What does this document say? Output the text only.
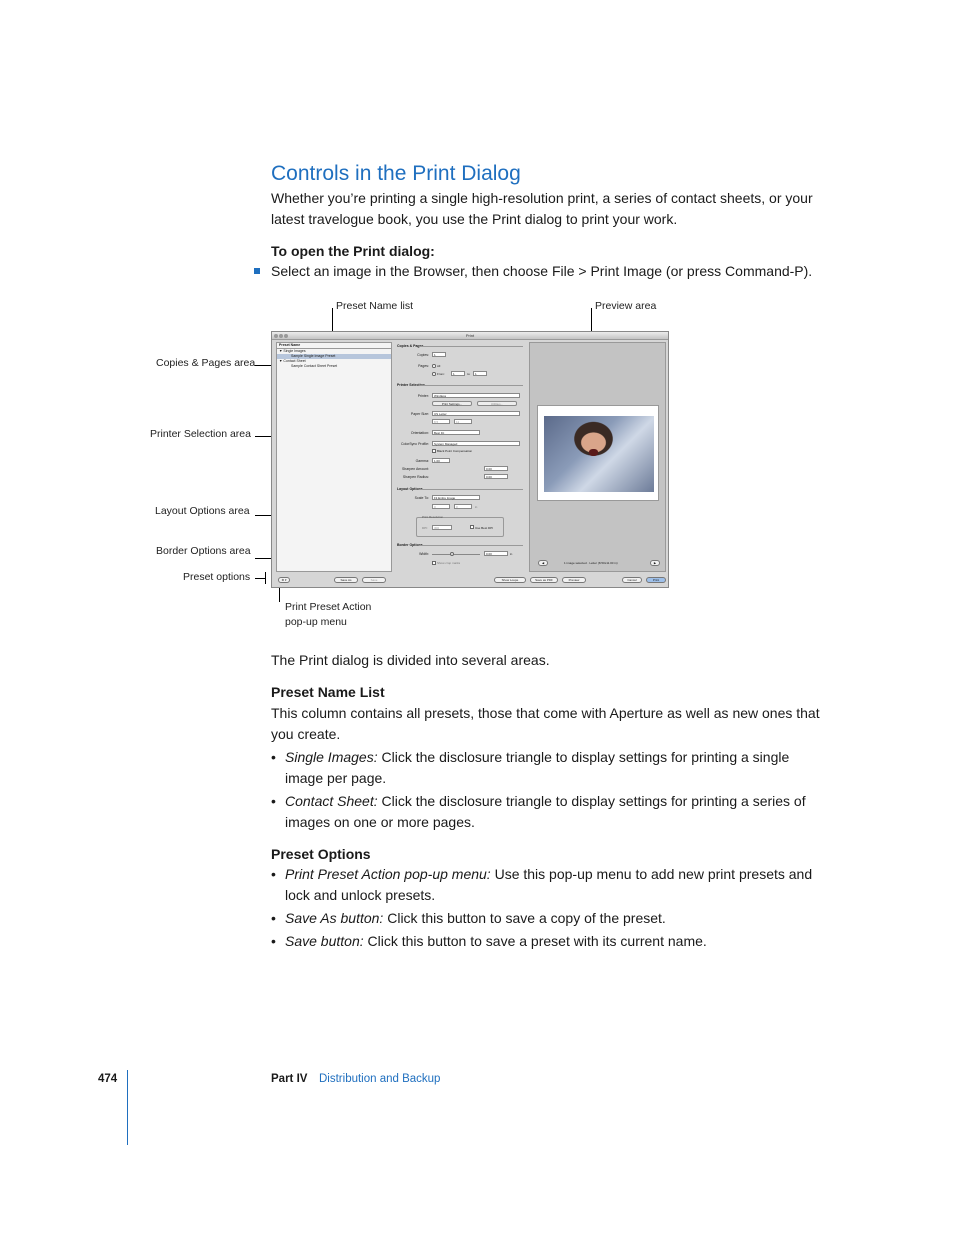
Controls in the Print Dialog

Whether you’re printing a single high-resolution print, a series of contact sheets, or your latest travelogue book, you use the Print dialog to print your work.

To open the Print dialog:

Select an image in the Browser, then choose File > Print Image (or press Command-P).

Preset Name list	Preview area
Copies & Pages area
Printer Selection area
Layout Options area
Border Options area
Preset options
Print Preset Action
pop-up menu
Print
Preset Name
▼ Single Images
Sample Single Image Preset
▼ Contact Sheet
Sample Contact Sheet Preset
Copies & Pages
Copies:	1
Pages:	All
From:	1	to:	1
Printer Selection
Printer:	Windless
Print Settings...	Utilities...
Paper Size:	US Letter
8.5	11
Orientation:	Best Fit
ColorSync Profile:	System Managed
Black Point Compensation
Gamma:	1.00
Sharpen Amount:	0.00
Sharpen Radius:	0.00
Layout Options
Scale To:	Fit Entire Image
0	0	in
Print Resolution
DPI:	300	Use Best DPI
Border Options
Width:	0.00	in
Show crop marks
⚙ ▾	Save As	Save	Show Loupe	Save as PDF	Preview
1 image selected · Letter (8.50x11.00 in)
◀	▶
Cancel	Print

The Print dialog is divided into several areas.

Preset Name List

This column contains all presets, those that come with Aperture as well as new ones that you create.

• Single Images: Click the disclosure triangle to display settings for printing a single image per page.
• Contact Sheet: Click the disclosure triangle to display settings for printing a series of images on one or more pages.
Preset Options
• Print Preset Action pop-up menu: Use this pop-up menu to add new print presets and lock and unlock presets.
• Save As button: Click this button to save a copy of the preset.
• Save button: Click this button to save a preset with its current name.
474	Part IV Distribution and Backup
